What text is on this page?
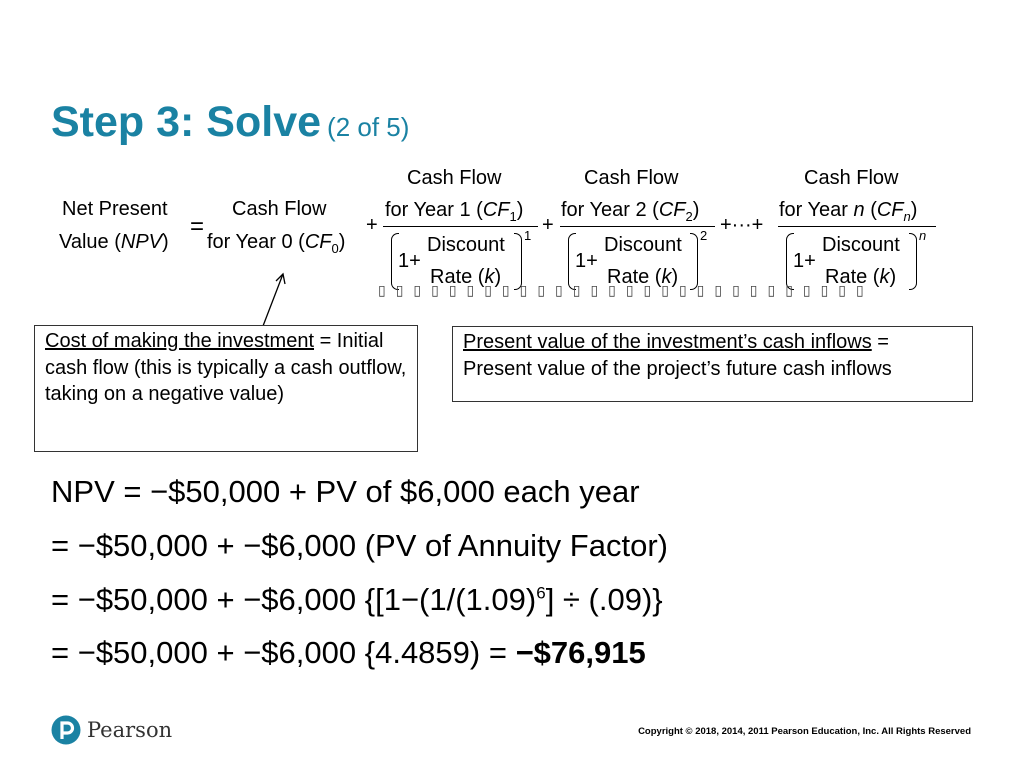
Step 3: Solve (2 of 5)
Net Present
Value (NPV)
=
Cash Flow
for Year 0 $(CF_0)$
+
Cash Flow
for Year 1 $(CF_1)$
1+
Discount
Rate (k)
1 +
Cash Flow
for Year 2 $(CF_2)$
1+
Discount
Rate (k)
2 +···+
Cash Flow
for Year n $(CF_n)$
1+
Discount
Rate (k)
n
▯▯▯▯▯▯▯▯▯▯▯▯▯▯▯▯▯▯▯▯▯▯▯▯▯▯▯▯
Cost of making the investment = Initial cash flow (this is typically a cash outflow, taking on a negative value)
Present value of the investment’s cash inflows = Present value of the project’s future cash inflows
NPV = −$50,000 + PV of $6,000 each year
= −$50,000 + −$6,000 (PV of Annuity Factor)
= −$50,000 + −$6,000 {$[1-(1/(1.09)^6] \div (.09)\}$
= −$50,000 + −$6,000 {4.4859) = −$76,915
Pearson	Copyright © 2018, 2014, 2011 Pearson Education, Inc. All Rights Reserved
